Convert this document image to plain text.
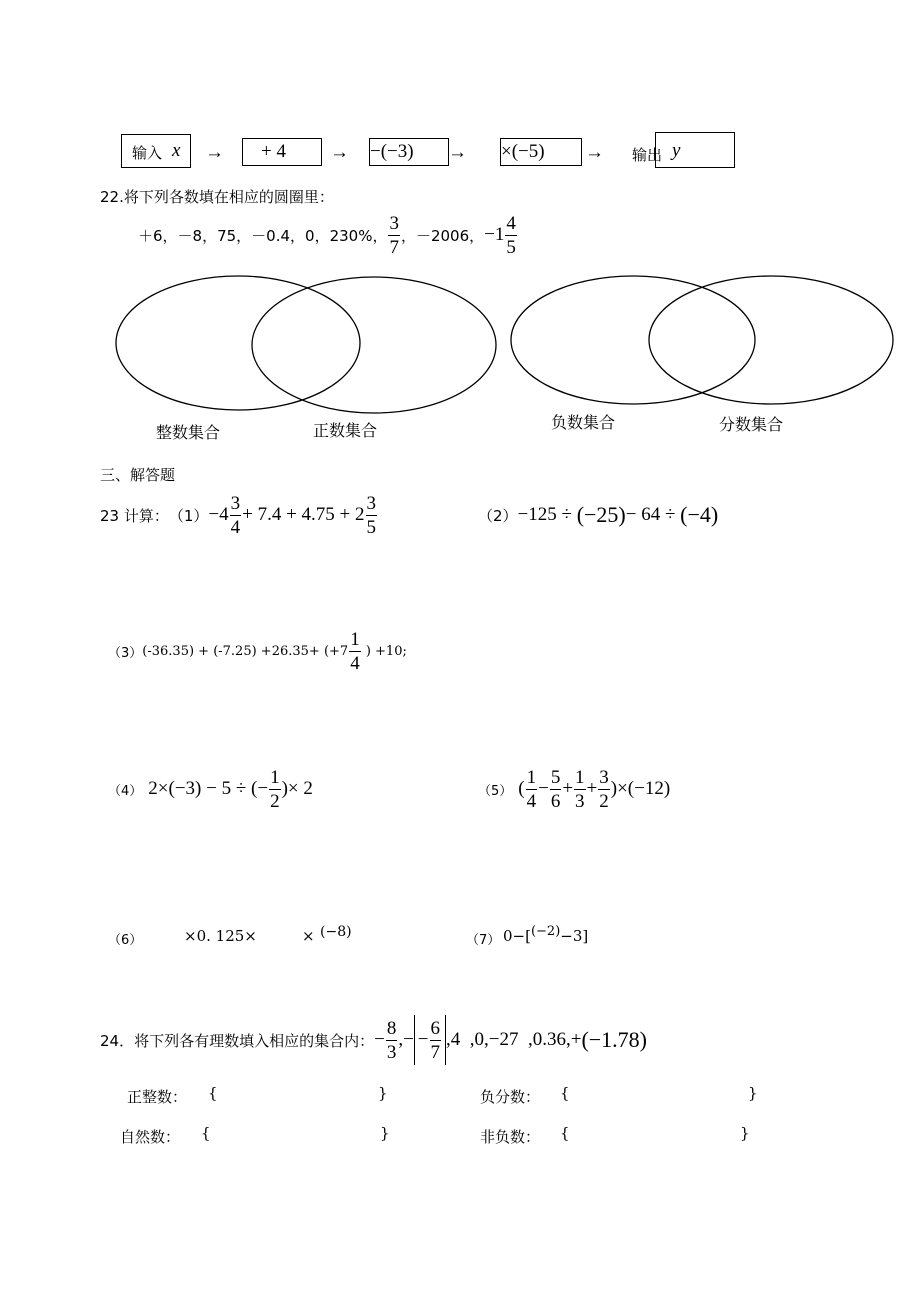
输入 x → + 4 → −(−3) → ×(−5) → 输出 y
22.将下列各数填在相应的圆圈里：
＋6，－8，75，－0.4，0，230%， $\frac{3}{7}$ ，－2006， $-1 \frac{4}{5}$
整数集合	正数集合	负数集合	分数集合
三、解答题
23 计算： $(1) -4 \frac{3}{4} + 7.4 + 4.75 + 2 \frac{3}{5}$	（2） −125 ÷ (−25) − 64 ÷ (−4)
（3） $(-36.35) + (-7.25) +26.35+ (+7 \frac{1}{4}$ ) +10;
（4） 2×(−3) − 5 ÷ (− $\frac{1}{2}$ )× 2	（5） ( $\frac{1}{4} - \frac{5}{6} + \frac{1}{3} + \frac{3}{2} )\times(-12)$
（6）	×0. 125×	× (−8)
（7） 0−[ (−2) −3]
24．将下列各有理数填入相应的集合内： − $\frac{8}{3}$ ,− − $\frac{6}{7} ,4$  ,0,−27  ,0.36,+ (−1.78)
正整数： {	}	负分数： {	}
自然数： {	}	非负数： {	}
